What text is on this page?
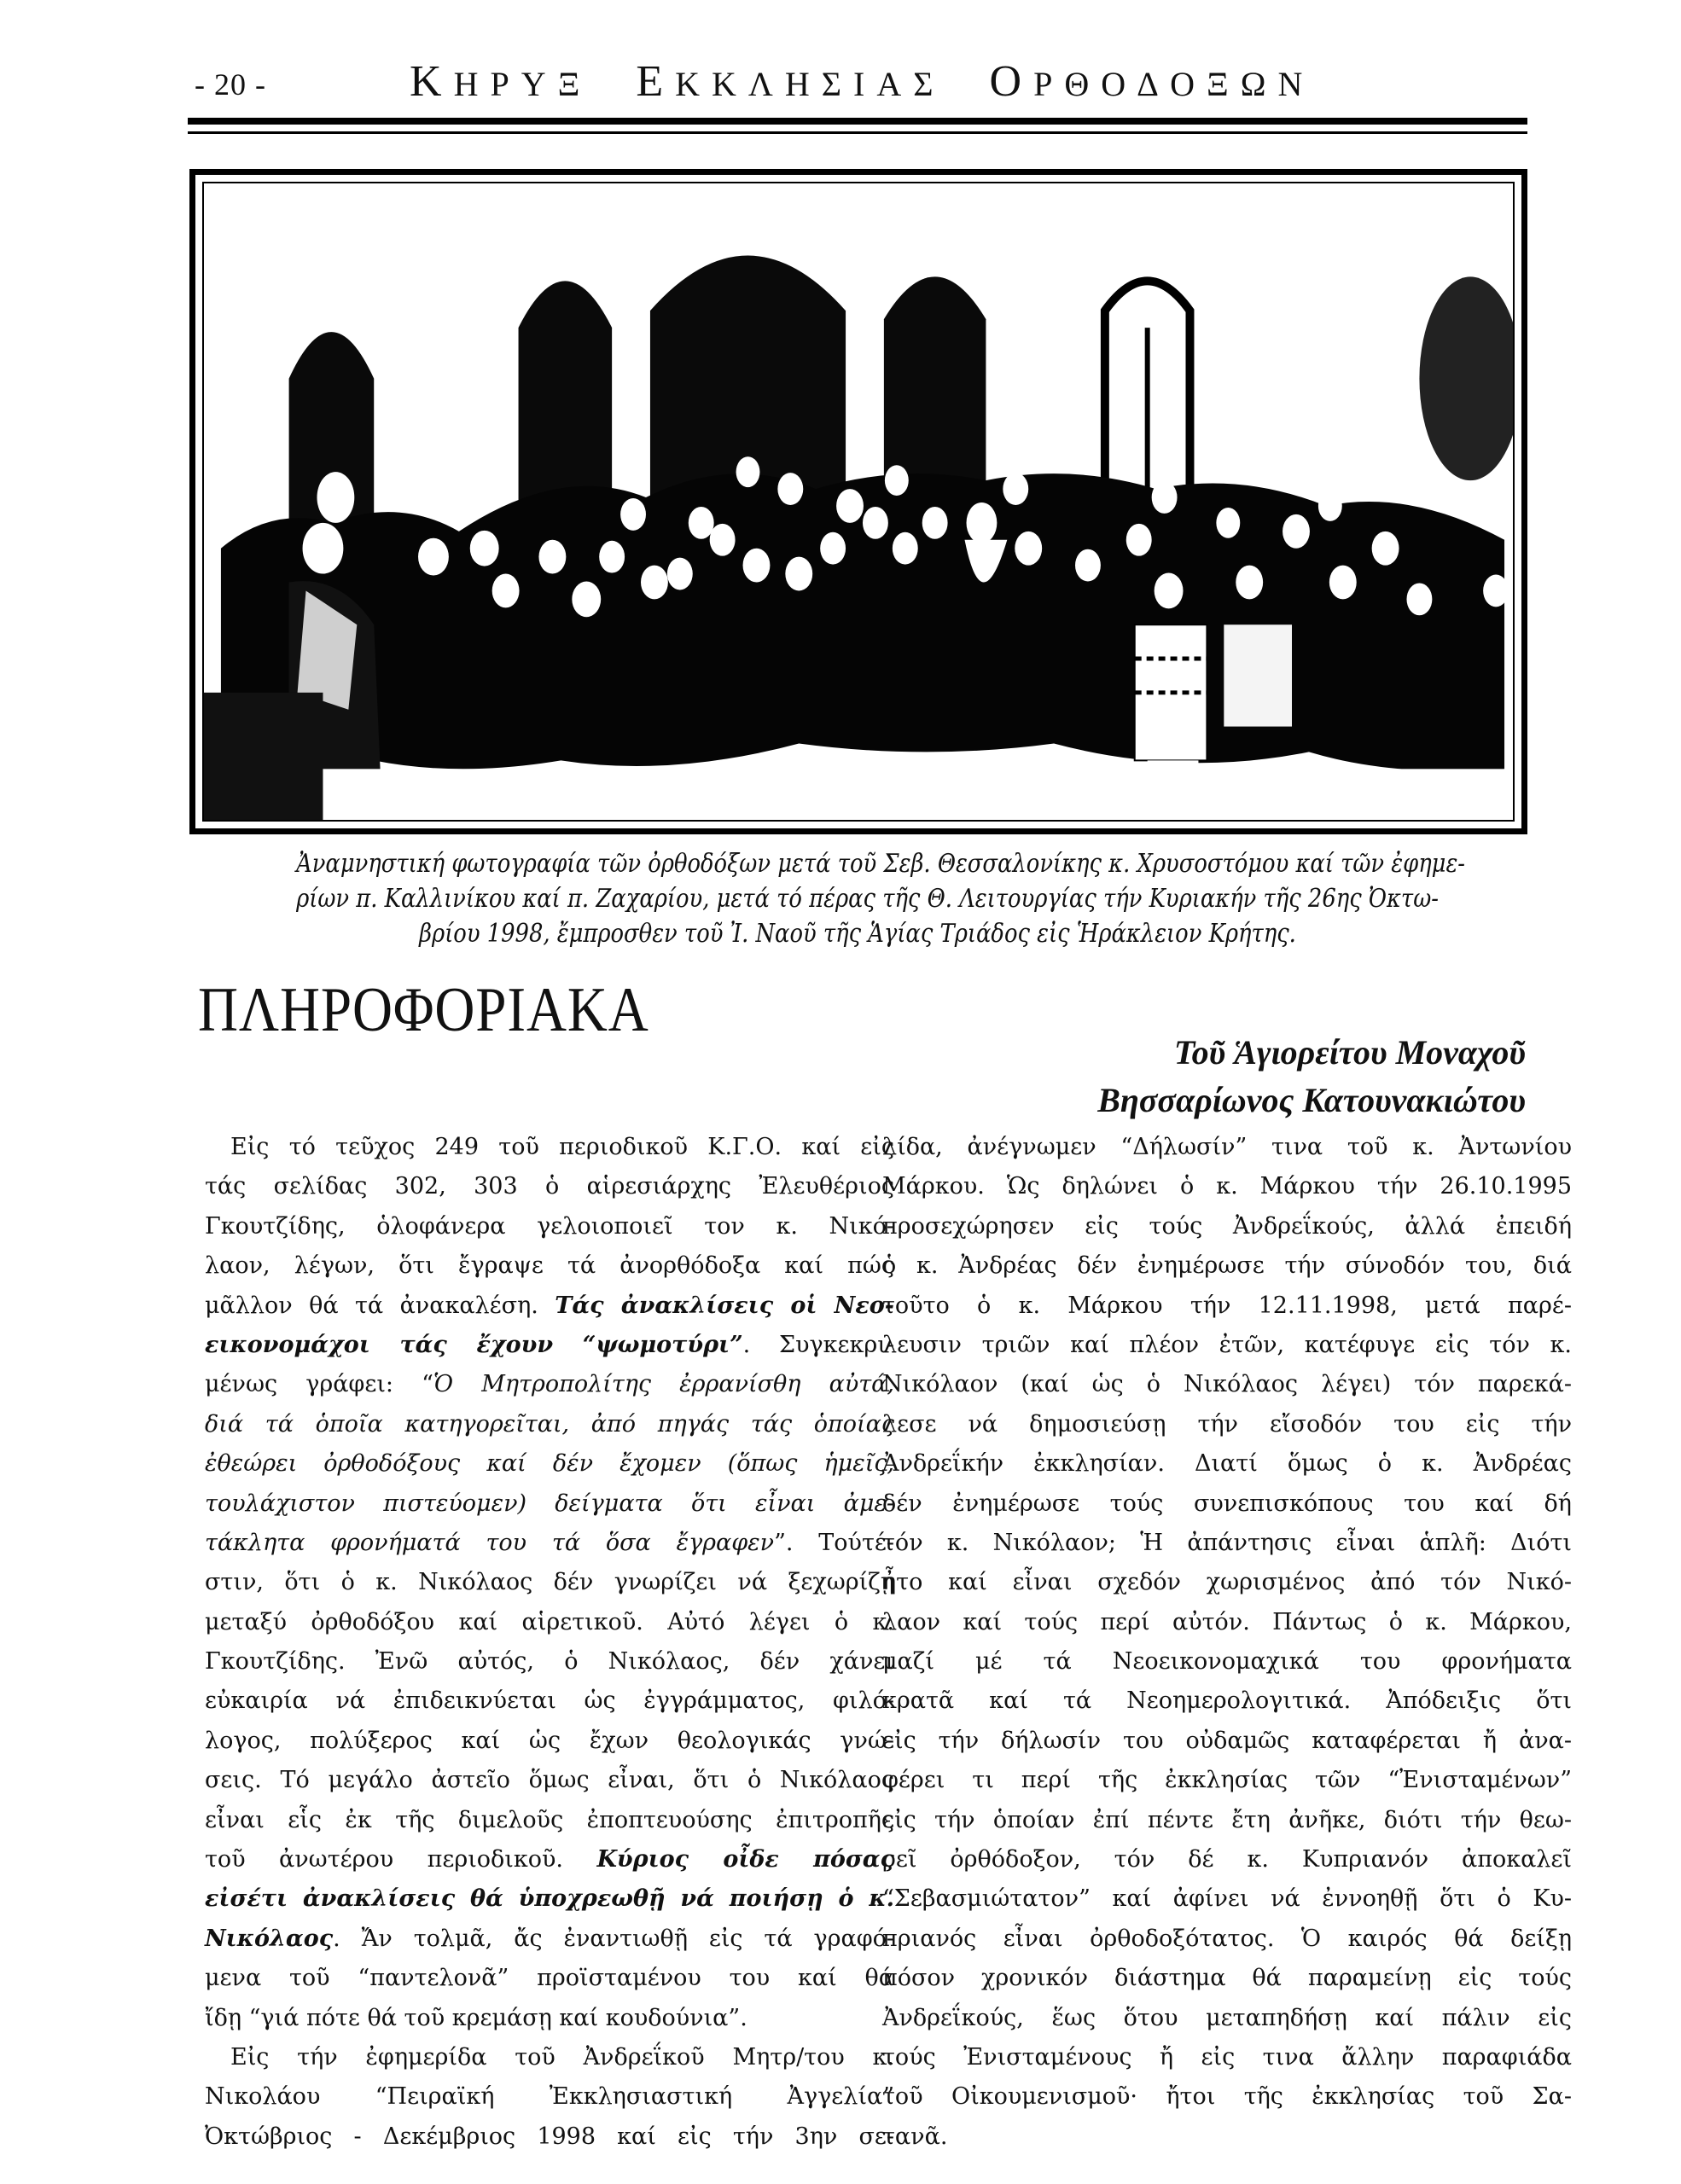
- 20 -	ΚΗΡΥΞ ΕΚΚΛΗΣΙΑΣ ΟΡΘΟΔΟΞΩΝ
Ἀναμνηστική φωτογραφία τῶν ὀρθοδόξων μετά τοῦ Σεβ. Θεσσαλονίκης κ. Χρυσοστόμου καί τῶν ἐφημε-
ρίων π. Καλλινίκου καί π. Ζαχαρίου, μετά τό πέρας τῆς Θ. Λειτουργίας τήν Κυριακήν τῆς 26ης Ὀκτω-
βρίου 1998, ἔμπροσθεν τοῦ Ἰ. Ναοῦ τῆς Ἁγίας Τριάδος εἰς Ἡράκλειον Κρήτης.
ΠΛΗΡΟΦΟΡΙΑΚΑ
Τοῦ Ἁγιορείτου Μοναχοῦ
Βησσαρίωνος Κατουνακιώτου
Εἰς τό τεῦχος 249 τοῦ περιοδικοῦ Κ.Γ.Ο. καί εἰς
τάς σελίδας 302, 303 ὁ αἱρεσιάρχης Ἐλευθέριος
Γκουτζίδης, ὁλοφάνερα γελοιοποιεῖ τον κ. Νικό-
λαον, λέγων, ὅτι ἔγραψε τά ἀνορθόδοξα καί πώς
μᾶλλον θά τά ἀνακαλέση. Τάς ἀνακλίσεις οἱ Νεο-
εικονομάχοι τάς ἔχουν “ψωμοτύρι”. Συγκεκρι-
μένως γράφει: “Ὁ Μητροπολίτης ἐρρανίσθη αὐτά,
διά τά ὁποῖα κατηγορεῖται, ἀπό πηγάς τάς ὁποίας
ἐθεώρει ὀρθοδόξους καί δέν ἔχομεν (ὅπως ἡμεῖς,
τουλάχιστον πιστεύομεν) δείγματα ὅτι εἶναι ἀμε-
τάκλητα φρονήματά του τά ὅσα ἔγραφεν”. Τούτέ-
στιν, ὅτι ὁ κ. Νικόλαος δέν γνωρίζει νά ξεχωρίζῃ
μεταξύ ὀρθοδόξου καί αἱρετικοῦ. Αὐτό λέγει ὁ κ.
Γκουτζίδης. Ἐνῶ αὐτός, ὁ Νικόλαος, δέν χάνει
εὐκαιρία νά ἐπιδεικνύεται ὡς ἐγγράμματος, φιλό-
λογος, πολύξερος καί ὡς ἔχων θεολογικάς γνώ-
σεις. Τό μεγάλο ἀστεῖο ὅμως εἶναι, ὅτι ὁ Νικόλαος
εἶναι εἷς ἐκ τῆς διμελοῦς ἐποπτευούσης ἐπιτροπῆς
τοῦ ἀνωτέρου περιοδικοῦ. Κύριος οἶδε πόσας
εἰσέτι ἀνακλίσεις θά ὑποχρεωθῇ νά ποιήσῃ ὁ κ.
Νικόλαος. Ἄν τολμᾶ, ἄς ἐναντιωθῇ εἰς τά γραφό-
μενα τοῦ “παντελονᾶ” προϊσταμένου του καί θά
ἴδῃ “γιά πότε θά τοῦ κρεμάσῃ καί κουδούνια”.
Εἰς τήν ἐφημερίδα τοῦ Ἀνδρεΐκοῦ Μητρ/του κ.
Νικολάου “Πειραϊκή Ἐκκλησιαστική Ἀγγελία”
Ὀκτώβριος - Δεκέμβριος 1998 καί εἰς τήν 3ην σε-
λίδα, ἀνέγνωμεν “Δήλωσίν” τινα τοῦ κ. Ἀντωνίου
Μάρκου. Ὡς δηλώνει ὁ κ. Μάρκου τήν 26.10.1995
προσεχώρησεν εἰς τούς Ἀνδρεΐκούς, ἀλλά ἐπειδή
ὁ κ. Ἀνδρέας δέν ἐνημέρωσε τήν σύνοδόν του, διά
τοῦτο ὁ κ. Μάρκου τήν 12.11.1998, μετά παρέ-
λευσιν τριῶν καί πλέον ἐτῶν, κατέφυγε εἰς τόν κ.
Νικόλαον (καί ὡς ὁ Νικόλαος λέγει) τόν παρεκά-
λεσε νά δημοσιεύσῃ τήν εἴσοδόν του εἰς τήν
Ἀνδρεΐκήν ἐκκλησίαν. Διατί ὅμως ὁ κ. Ἀνδρέας
δέν ἐνημέρωσε τούς συνεπισκόπους του καί δή
τόν κ. Νικόλαον; Ἡ ἀπάντησις εἶναι ἁπλῆ: Διότι
ἦτο καί εἶναι σχεδόν χωρισμένος ἀπό τόν Νικό-
λαον καί τούς περί αὐτόν. Πάντως ὁ κ. Μάρκου,
μαζί μέ τά Νεοεικονομαχικά του φρονήματα
κρατᾶ καί τά Νεοημερολογιτικά. Ἀπόδειξις ὅτι
εἰς τήν δήλωσίν του οὐδαμῶς καταφέρεται ἤ ἀνα-
φέρει τι περί τῆς ἐκκλησίας τῶν “Ἐνισταμένων”
εἰς τήν ὁποίαν ἐπί πέντε ἔτη ἀνῆκε, διότι τήν θεω-
ρεῖ ὀρθόδοξον, τόν δέ κ. Κυπριανόν ἀποκαλεῖ
“Σεβασμιώτατον” καί ἀφίνει νά ἐννοηθῇ ὅτι ὁ Κυ-
πριανός εἶναι ὀρθοδοξότατος. Ὁ καιρός θά δείξῃ
πόσον χρονικόν διάστημα θά παραμείνῃ εἰς τούς
Ἀνδρεΐκούς, ἕως ὅτου μεταπηδήσῃ καί πάλιν εἰς
τούς Ἐνισταμένους ἤ εἰς τινα ἄλλην παραφιάδα
τοῦ Οἰκουμενισμοῦ· ἤτοι τῆς ἐκκλησίας τοῦ Σα-
τανᾶ.
